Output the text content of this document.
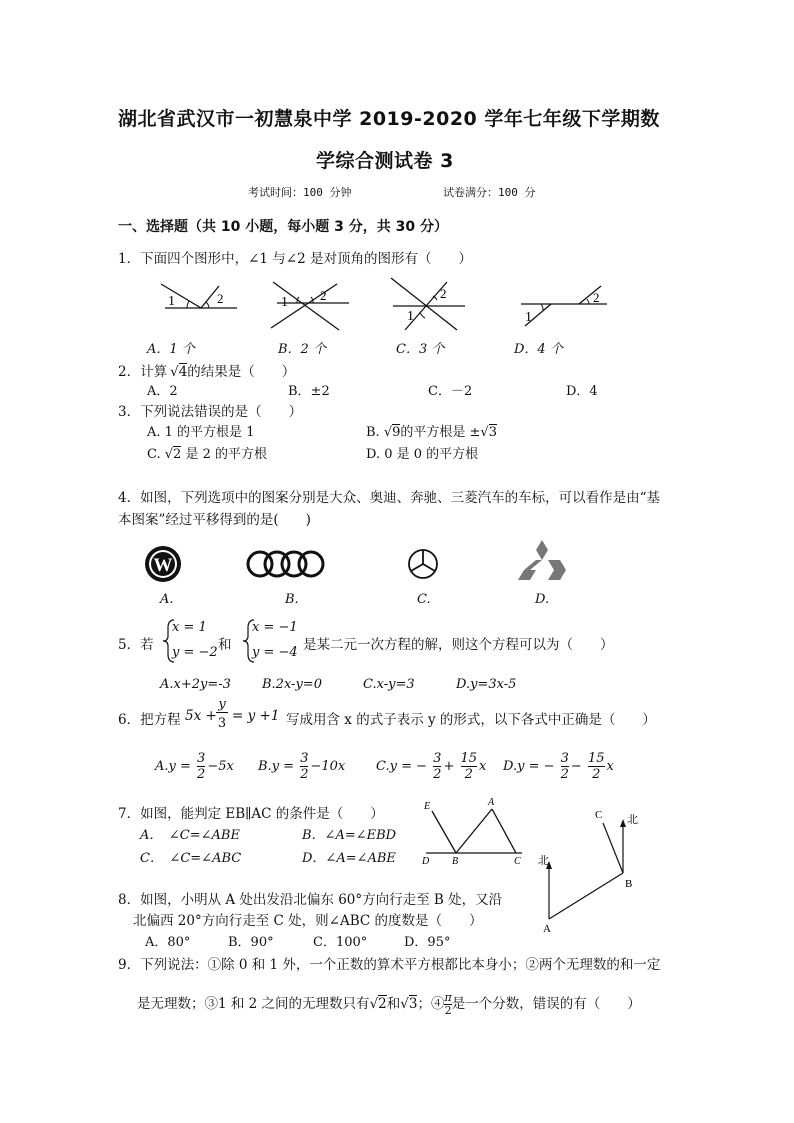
湖北省武汉市一初慧泉中学 2019-2020 学年七年级下学期数
学综合测试卷 3
考试时间：100 分钟	试卷满分：100 分
一、选择题（共 10 小题，每小题 3 分，共 30 分）
1．下面四个图形中，∠1 与∠2 是对顶角的图形有（　　）
1	2	1 2
1
2
1
2
A．1 个	B．2 个	C．3 个	D．4 个
2．计算 √4的结果是（　　）
A．2	B．±2	C．－2	D．4
3．下列说法错误的是（　　）
A. 1 的平方根是 1	B. √9的平方根是 ±√3
C. √2 是 2 的平方根	D. 0 是 0 的平方根
4．如图，下列选项中的图案分别是大众、奥迪、奔驰、三菱汽车的车标，可以看作是由“基
本图案”经过平移得到的是(　　)
W
A.	B.	C.	D.
5．若
x = 1
y = −2 和
x = −1
y = −4 是某二元一次方程的解，则这个方程可以为（　　）
A.x+2y=-3 B.2x-y=0	C.x-y=3	D.y=3x-5
6．把方程 5x +
y
3 = y +1 写成用含 x 的式子表示 y 的形式，以下各式中正确是（　　）
$A.y = \frac{3}{2} -5x$ $B.y = \frac{3}{2} -10x$ C.y = − $\frac{3}{2} + \frac{15}{2}$ x D.y = − $\frac{3}{2} - \frac{15}{2}$ x
7．如图，能判定 EB∥AC 的条件是（　　）
A．　∠C=∠ABE	B．∠A=∠EBD
C．　∠C=∠ABC	D．∠A=∠ABE
E	A
D B	C 北
北
A
B
C
8．如图，小明从 A 处出发沿北偏东 60°方向行走至 B 处，又沿
北偏西 20°方向行走至 C 处，则∠ABC 的度数是（　　）
A．80°	B．90°	C．100°	D．95°
9．下列说法：①除 0 和 1 外，一个正数的算术平方根都比本身小；②两个无理数的和一定
是无理数；③1 和 2 之间的无理数只有√2和√3；④ $\frac{\pi}{2}$ 是一个分数，错误的有（　　）
